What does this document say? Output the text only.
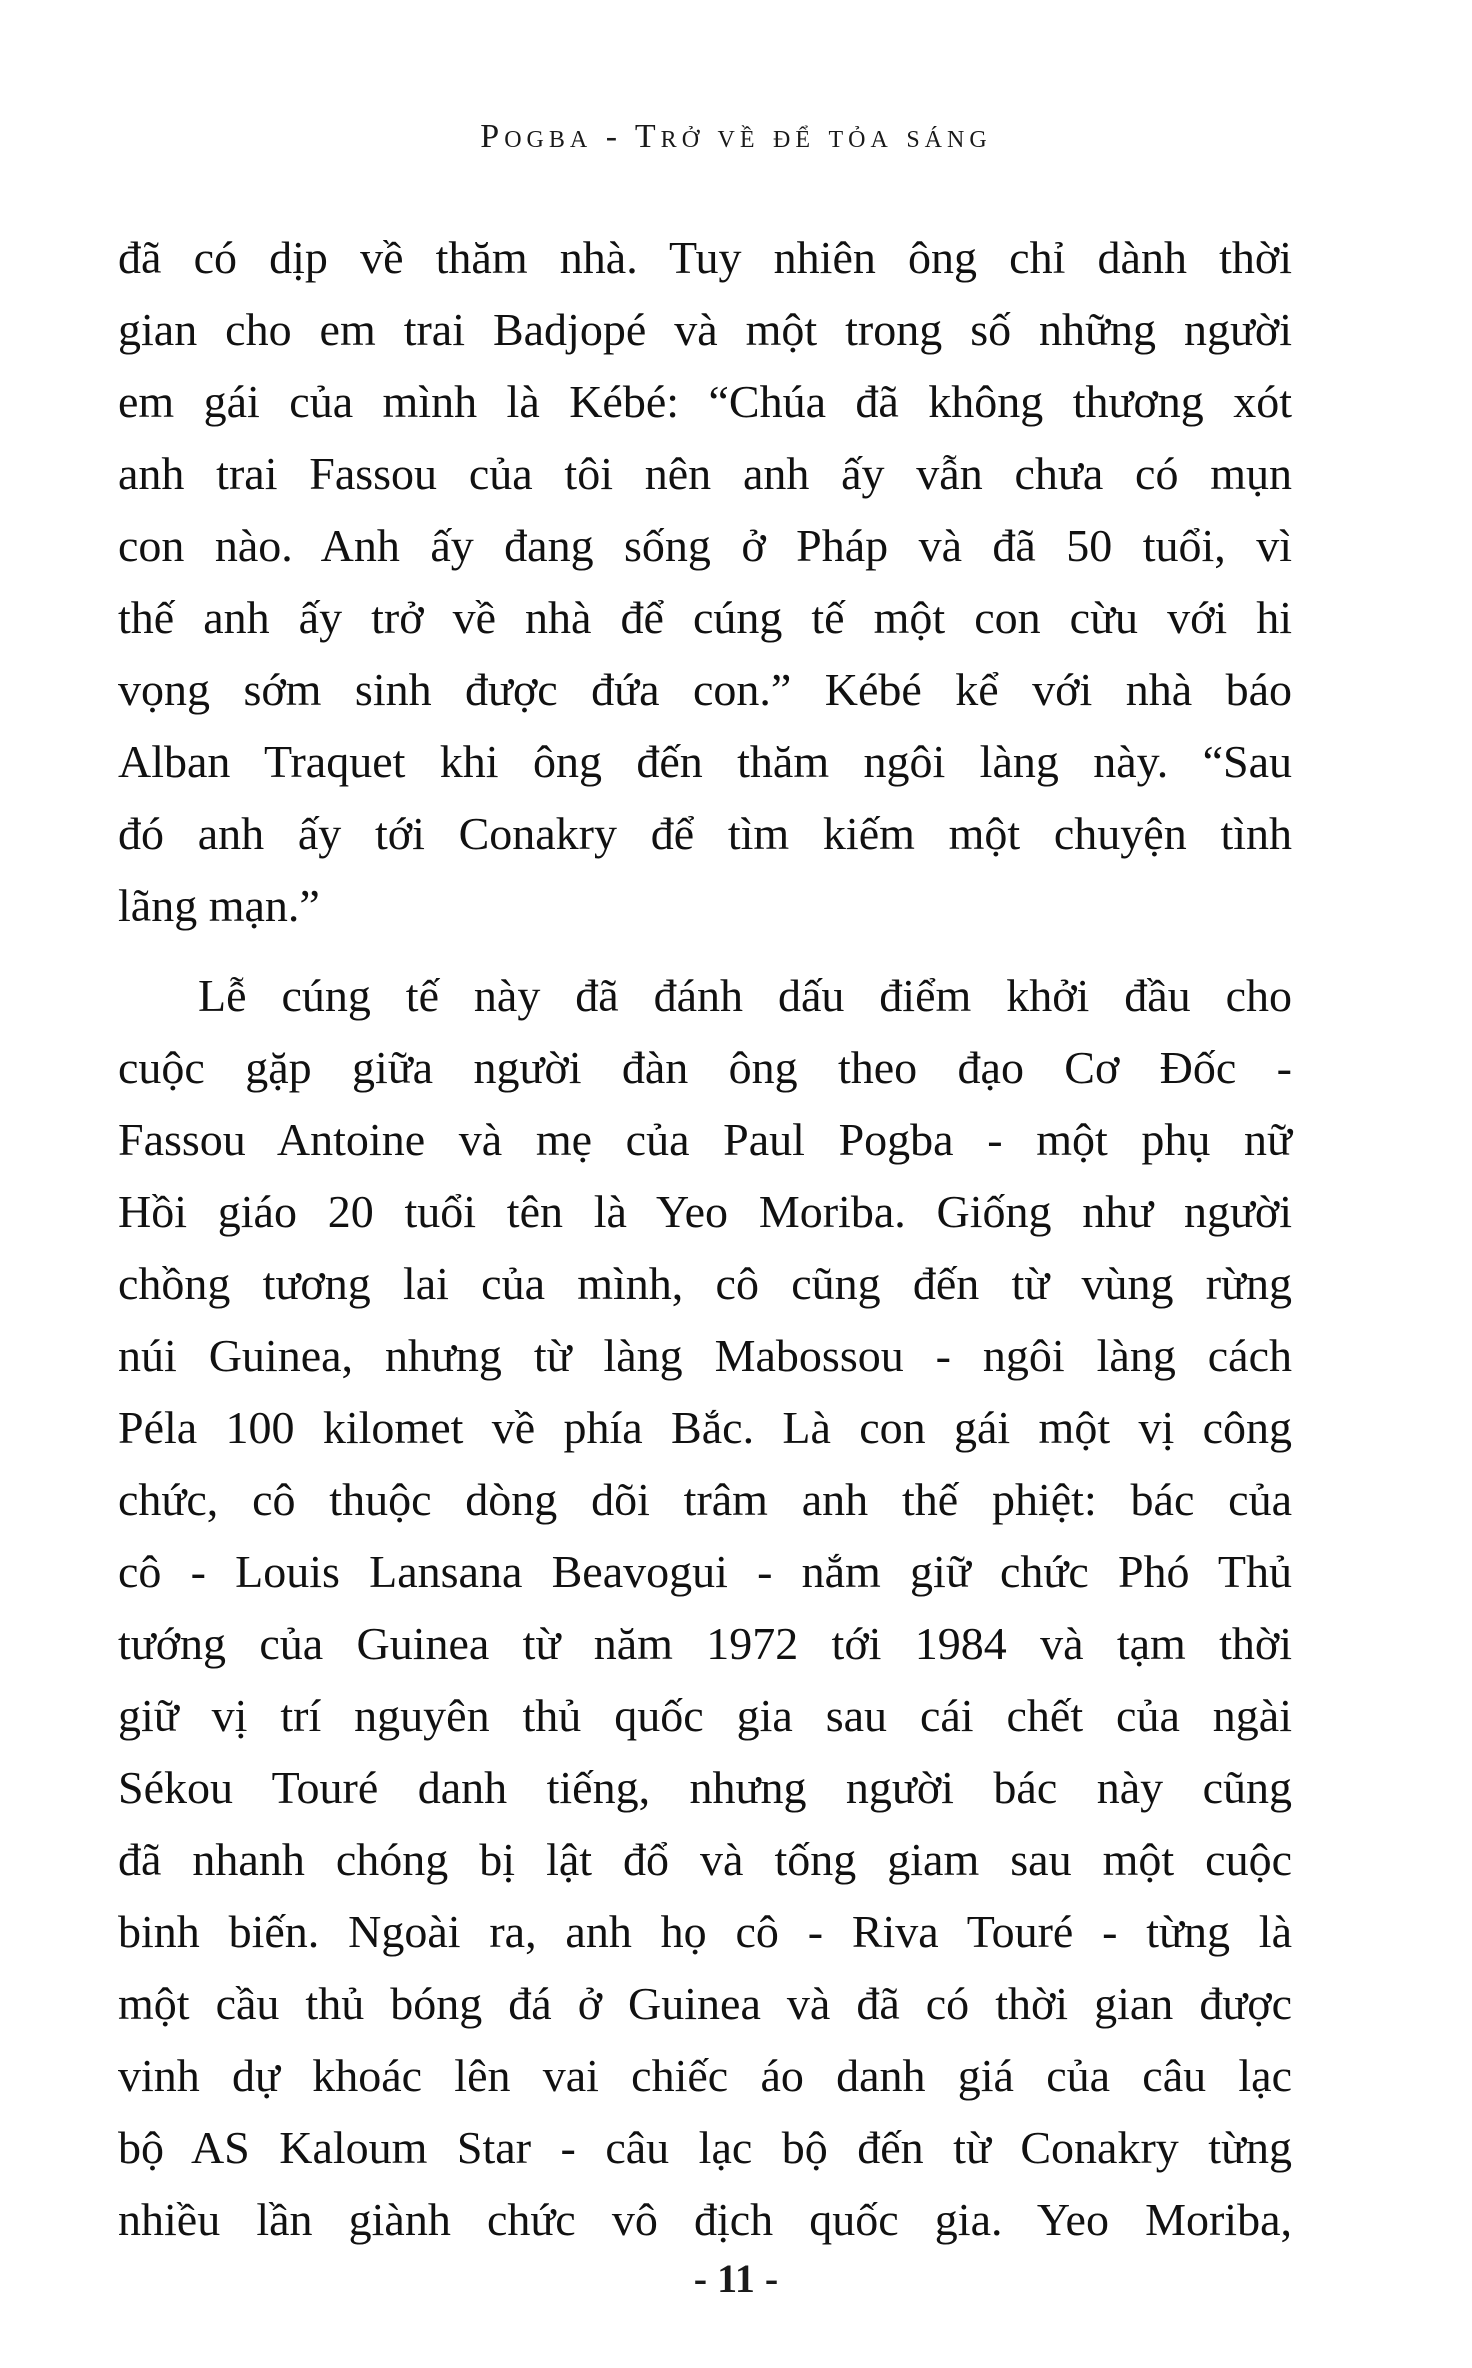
Pogba - Trở về để tỏa sáng
đã có dịp về thăm nhà. Tuy nhiên ông chỉ dành thời
gian cho em trai Badjopé và một trong số những người
em gái của mình là Kébé: “Chúa đã không thương xót
anh trai Fassou của tôi nên anh ấy vẫn chưa có mụn
con nào. Anh ấy đang sống ở Pháp và đã 50 tuổi, vì
thế anh ấy trở về nhà để cúng tế một con cừu với hi
vọng sớm sinh được đứa con.” Kébé kể với nhà báo
Alban Traquet khi ông đến thăm ngôi làng này. “Sau
đó anh ấy tới Conakry để tìm kiếm một chuyện tình
lãng mạn.”
Lễ cúng tế này đã đánh dấu điểm khởi đầu cho
cuộc gặp giữa người đàn ông theo đạo Cơ Đốc -
Fassou Antoine và mẹ của Paul Pogba - một phụ nữ
Hồi giáo 20 tuổi tên là Yeo Moriba. Giống như người
chồng tương lai của mình, cô cũng đến từ vùng rừng
núi Guinea, nhưng từ làng Mabossou - ngôi làng cách
Péla 100 kilomet về phía Bắc. Là con gái một vị công
chức, cô thuộc dòng dõi trâm anh thế phiệt: bác của
cô - Louis Lansana Beavogui - nắm giữ chức Phó Thủ
tướng của Guinea từ năm 1972 tới 1984 và tạm thời
giữ vị trí nguyên thủ quốc gia sau cái chết của ngài
Sékou Touré danh tiếng, nhưng người bác này cũng
đã nhanh chóng bị lật đổ và tống giam sau một cuộc
binh biến. Ngoài ra, anh họ cô - Riva Touré - từng là
một cầu thủ bóng đá ở Guinea và đã có thời gian được
vinh dự khoác lên vai chiếc áo danh giá của câu lạc
bộ AS Kaloum Star - câu lạc bộ đến từ Conakry từng
nhiều lần giành chức vô địch quốc gia. Yeo Moriba,
- 11 -
